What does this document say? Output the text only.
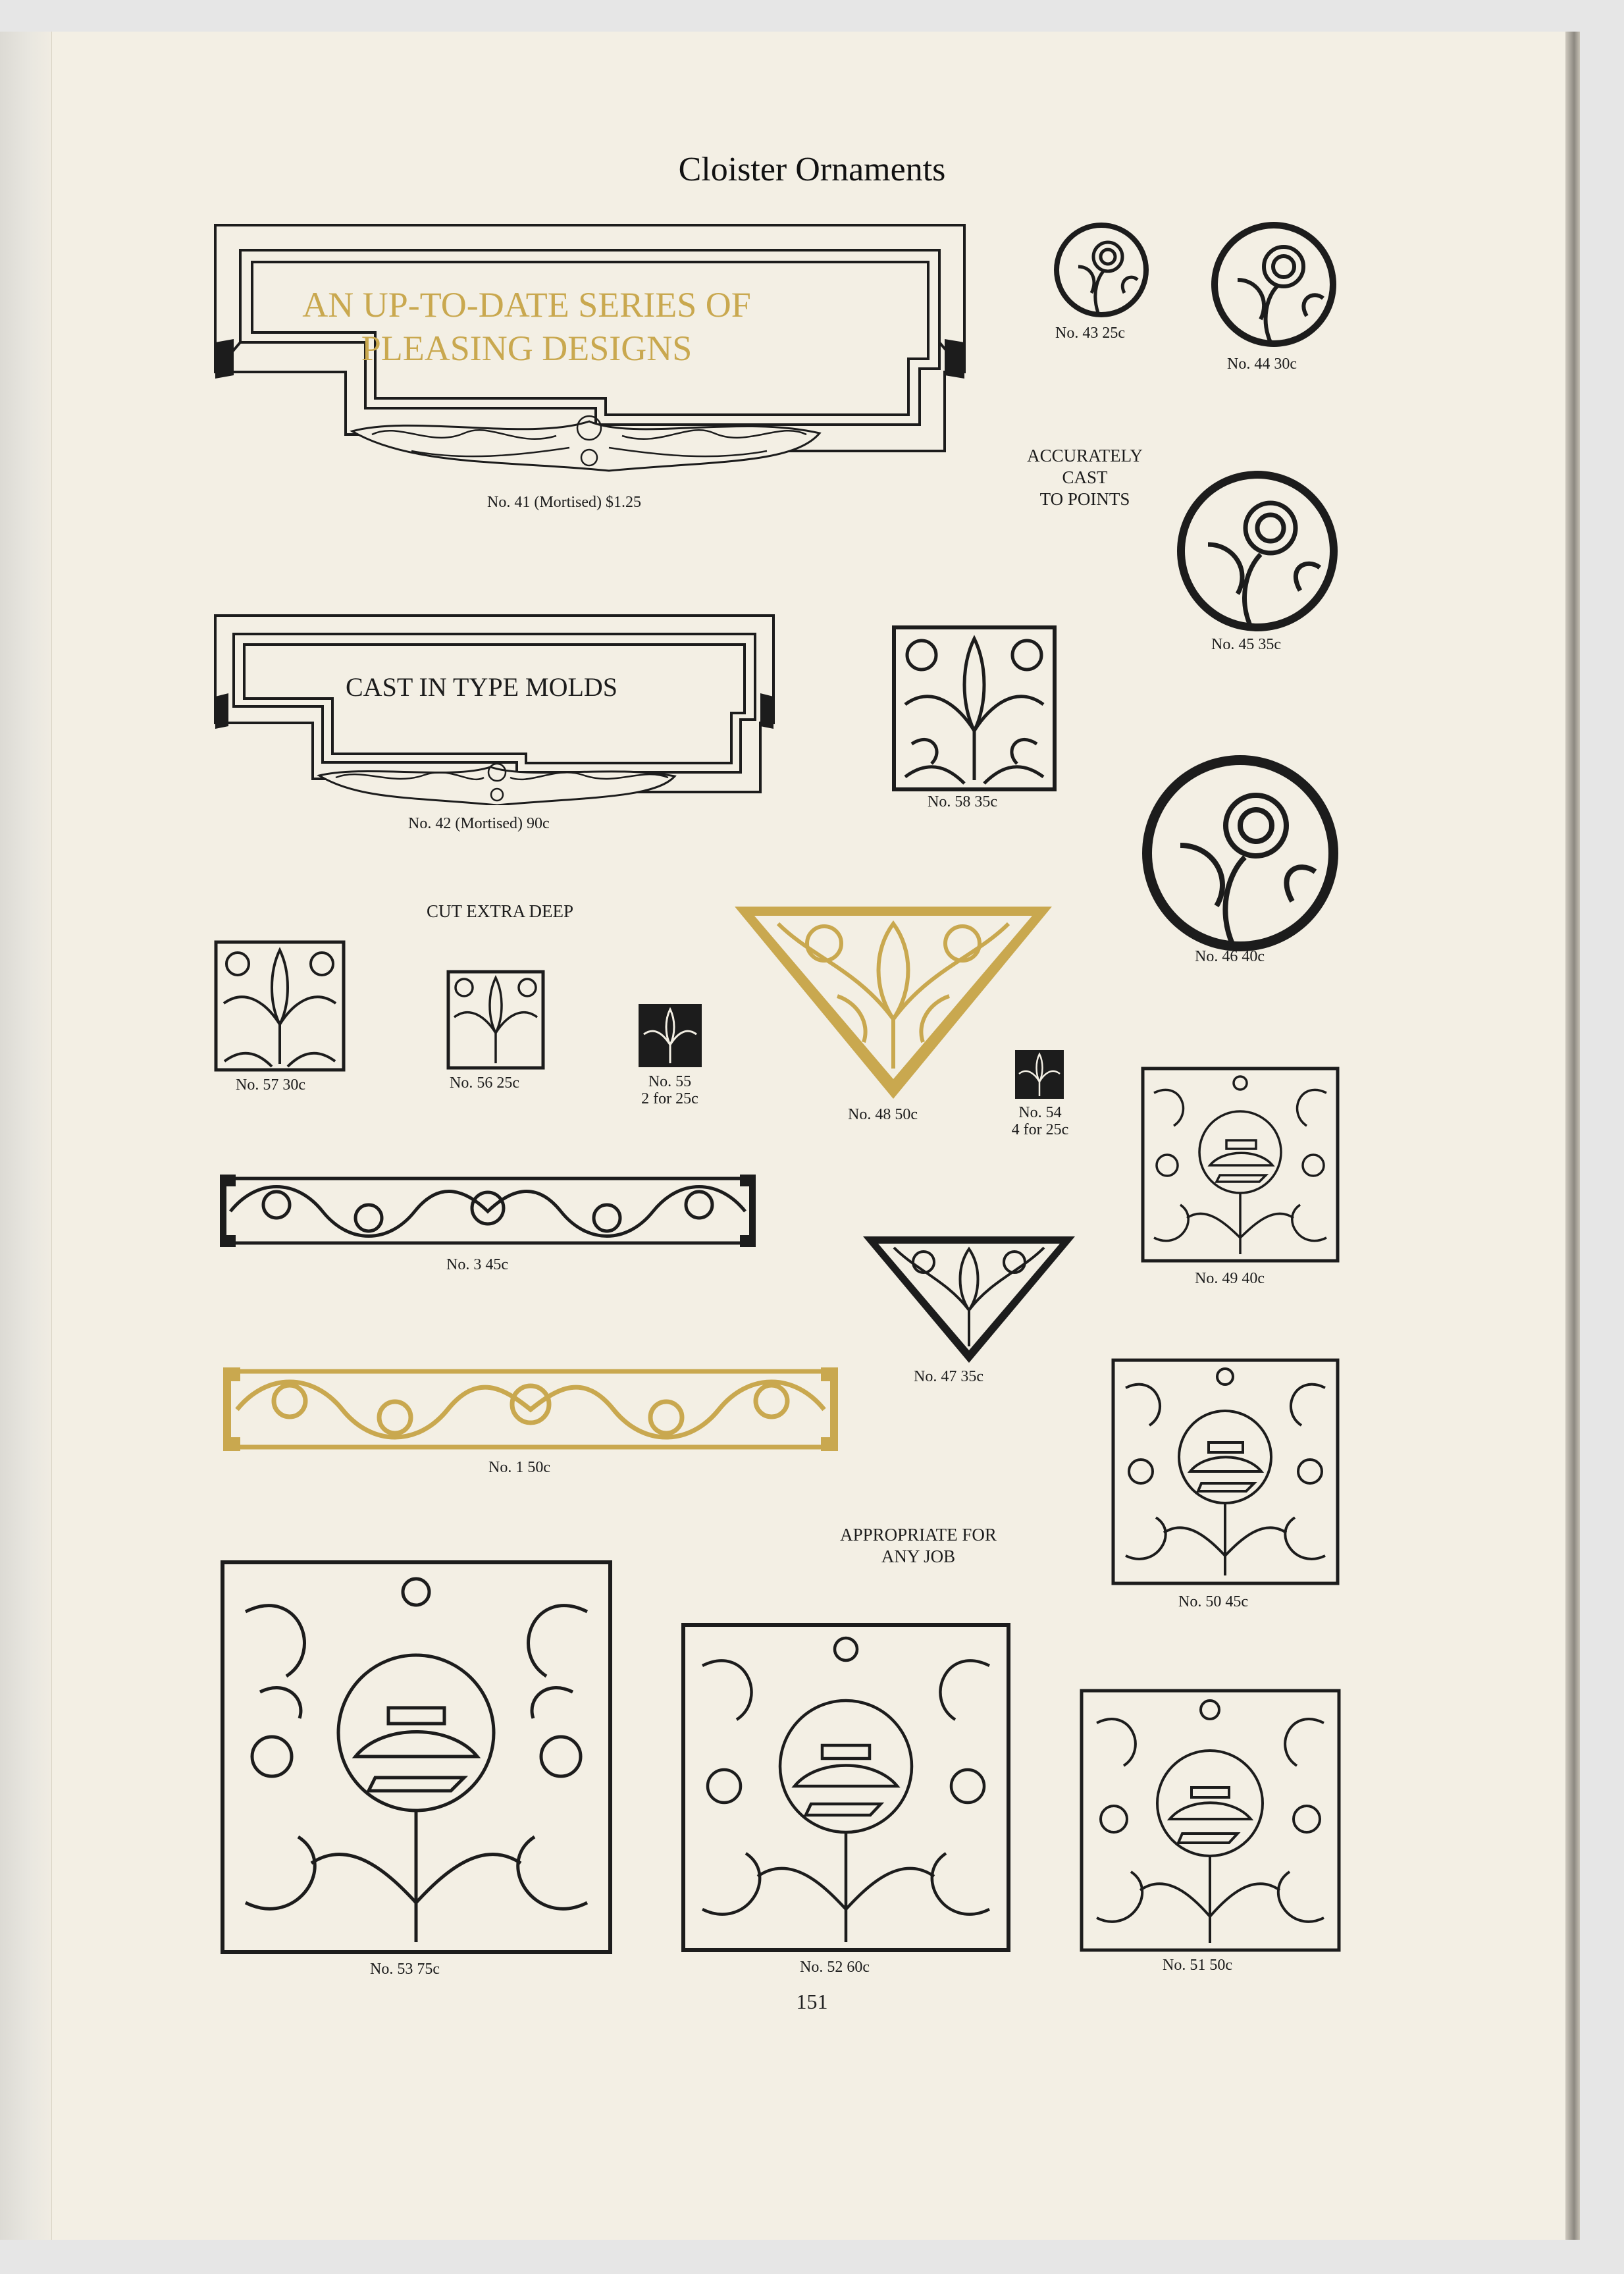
Cloister Ornaments
AN UP-TO-DATE SERIES OF
PLEASING DESIGNS
No. 41 (Mortised) $1.25
No. 43 25c
No. 44 30c
ACCURATELY
CAST
TO POINTS
No. 45 35c
No. 46 40c
CAST IN TYPE MOLDS
No. 42 (Mortised) 90c
No. 58 35c
CUT EXTRA DEEP
No. 48 50c
No. 57 30c	No. 56 25c	No. 55
2 for 25c
No. 54
4 for 25c
No. 49 40c
No. 3 45c
No. 47 35c
No. 1 50c
No. 50 45c
APPROPRIATE FOR
ANY JOB
No. 53 75c	No. 52 60c	No. 51 50c
151
